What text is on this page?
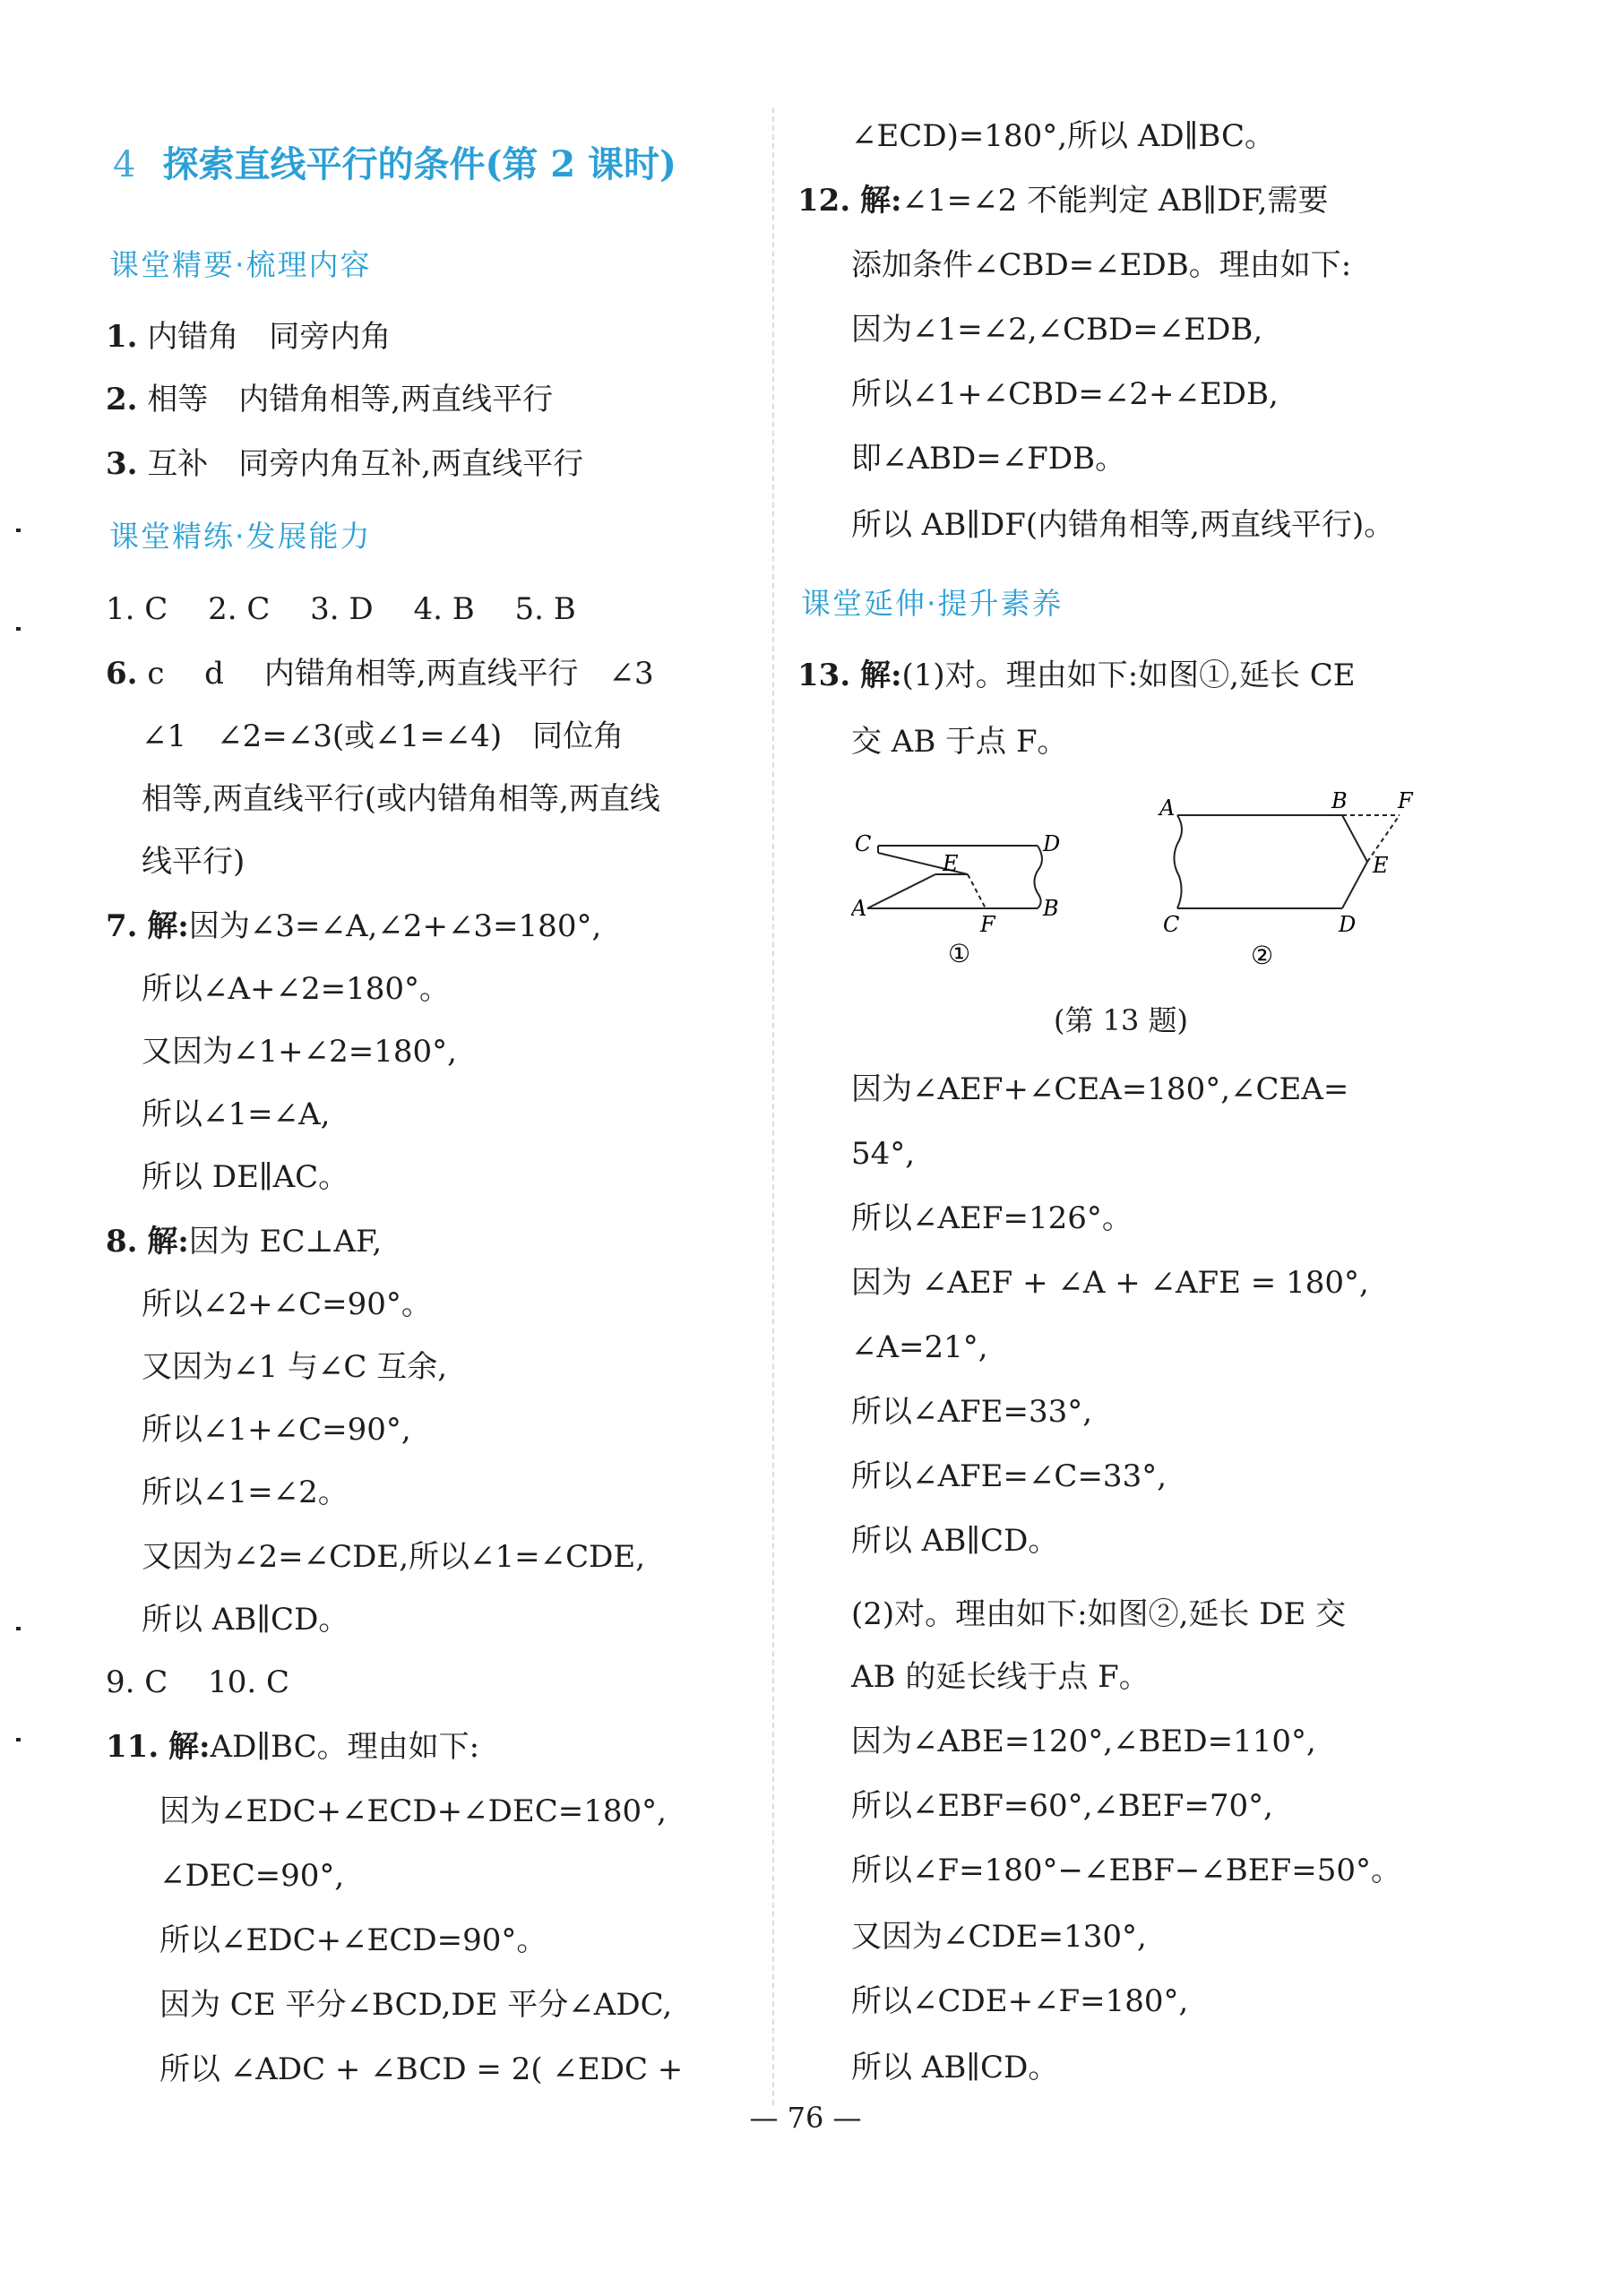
4 探索直线平行的条件(第 2 课时)
课堂精要·梳理内容
1. 内错角　同旁内角
2. 相等　内错角相等,两直线平行
3. 互补　同旁内角互补,两直线平行
课堂精练·发展能力
1. C　 2. C　 3. D　 4. B　 5. B
6. c　 d　 内错角相等,两直线平行　∠3
∠1　∠2=∠3(或∠1=∠4)　同位角
相等,两直线平行(或内错角相等,两直线
线平行)
7. 解:因为∠3=∠A,∠2+∠3=180°,
所以∠A+∠2=180°。
又因为∠1+∠2=180°,
所以∠1=∠A,
所以 DE∥AC。
8. 解:因为 EC⊥AF,
所以∠2+∠C=90°。
又因为∠1 与∠C 互余,
所以∠1+∠C=90°,
所以∠1=∠2。
又因为∠2=∠CDE,所以∠1=∠CDE,
所以 AB∥CD。
9. C　 10. C
11. 解:AD∥BC。理由如下:
因为∠EDC+∠ECD+∠DEC=180°,
∠DEC=90°,
所以∠EDC+∠ECD=90°。
因为 CE 平分∠BCD,DE 平分∠ADC,
所以 ∠ADC + ∠BCD = 2( ∠EDC +
∠ECD)=180°,所以 AD∥BC。
12. 解:∠1=∠2 不能判定 AB∥DF,需要
添加条件∠CBD=∠EDB。理由如下:
因为∠1=∠2,∠CBD=∠EDB,
所以∠1+∠CBD=∠2+∠EDB,
即∠ABD=∠FDB。
所以 AB∥DF(内错角相等,两直线平行)。
课堂延伸·提升素养
13. 解:(1)对。理由如下:如图①,延长 CE
交 AB 于点 F。
C	D
E
A
F
B
①
A	B F
E
C	D
②
(第 13 题)
因为∠AEF+∠CEA=180°,∠CEA=
54°,
所以∠AEF=126°。
因为 ∠AEF + ∠A + ∠AFE = 180°,
∠A=21°,
所以∠AFE=33°,
所以∠AFE=∠C=33°,
所以 AB∥CD。
(2)对。理由如下:如图②,延长 DE 交
AB 的延长线于点 F。
因为∠ABE=120°,∠BED=110°,
所以∠EBF=60°,∠BEF=70°,
所以∠F=180°−∠EBF−∠BEF=50°。
又因为∠CDE=130°,
所以∠CDE+∠F=180°,
所以 AB∥CD。
— 76 —
